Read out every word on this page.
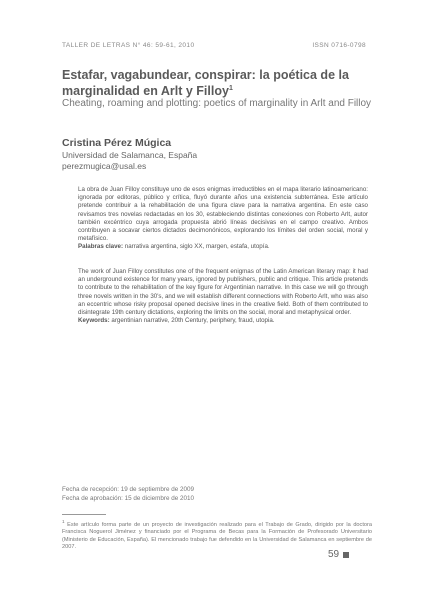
TALLER DE LETRAS N° 46: 59-61, 2010	ISSN 0716-0798
Estafar, vagabundear, conspirar: la poética de la marginalidad en Arlt y Filloy$^1$
Cheating, roaming and plotting: poetics of marginality in Arlt and Filloy
Cristina Pérez Múgica
Universidad de Salamanca, España
perezmugica@usal.es
La obra de Juan Filloy constituye uno de esos enigmas irreductibles en el mapa literario latinoamericano: ignorada por editoras, público y crítica, fluyó durante años una existencia subterránea. Este artículo pretende contribuir a la rehabilitación de una figura clave para la narrativa argentina. En este caso revisamos tres novelas redactadas en los 30, estableciendo distintas conexiones con Roberto Arlt, autor también excéntrico cuya arrogada propuesta abrió líneas decisivas en el campo creativo. Ambos contribuyen a socavar ciertos dictados decimonónicos, explorando los límites del orden social, moral y metafísico.
Palabras clave: narrativa argentina, siglo XX, margen, estafa, utopía.
The work of Juan Filloy constitutes one of the frequent enigmas of the Latin American literary map: it had an underground existence for many years, ignored by publishers, public and critique. This article pretends to contribute to the rehabilitation of the key figure for Argentinian narrative. In this case we will go through three novels written in the 30's, and we will establish different connections with Roberto Arlt, who was also an eccentric whose risky proposal opened decisive lines in the creative field. Both of them contributed to disintegrate 19th century dictations, exploring the limits on the social, moral and metaphysical order.
Keywords: argentinian narrative, 20th Century, periphery, fraud, utopia.
Fecha de recepción: 19 de septiembre de 2009
Fecha de aprobación: 15 de diciembre de 2010
$^1$ Este artículo forma parte de un proyecto de investigación realizado para el Trabajo de Grado, dirigido por la doctora Francisca Noguerol Jiménez y financiado por el Programa de Becas para la Formación de Profesorado Universitario (Ministerio de Educación, España). El mencionado trabajo fue defendido en la Universidad de Salamanca en septiembre de 2007.
59
